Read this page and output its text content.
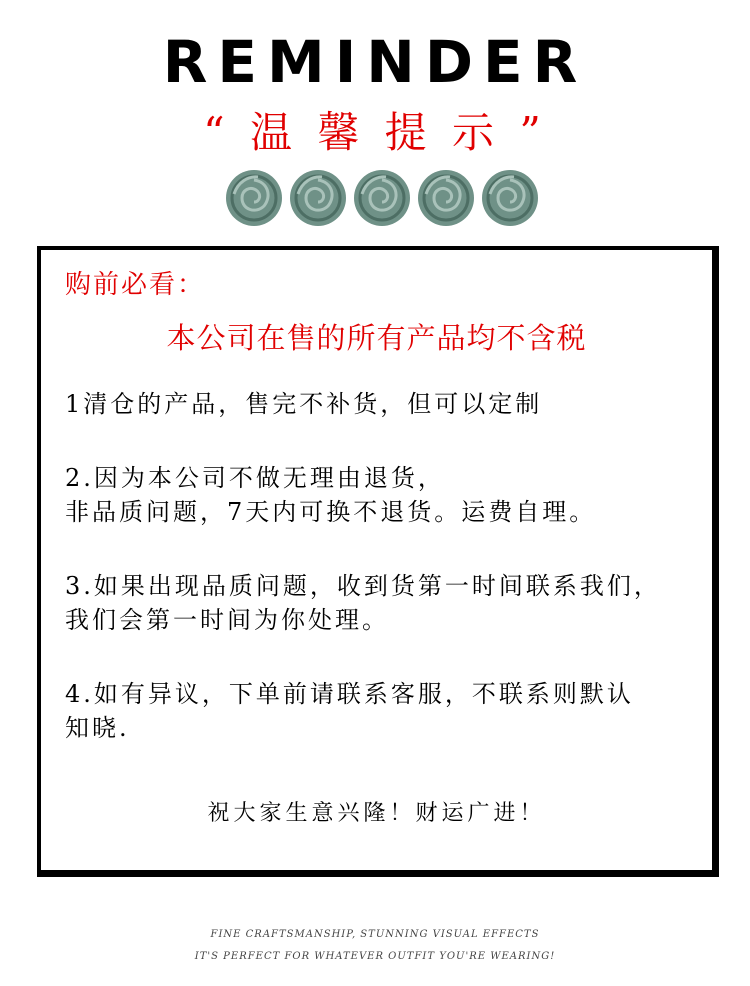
REMINDER
“ 温 馨 提 示 ”
购前必看：
本公司在售的所有产品均不含税
1清仓的产品，售完不补货，但可以定制
2.因为本公司不做无理由退货，
非品质问题，7天内可换不退货。运费自理。
3.如果出现品质问题，收到货第一时间联系我们，
我们会第一时间为你处理。
4.如有异议，下单前请联系客服，不联系则默认
知晓.
祝大家生意兴隆！财运广进！
FINE CRAFTSMANSHIP, STUNNING VISUAL EFFECTS
IT'S PERFECT FOR WHATEVER OUTFIT YOU'RE WEARING!
